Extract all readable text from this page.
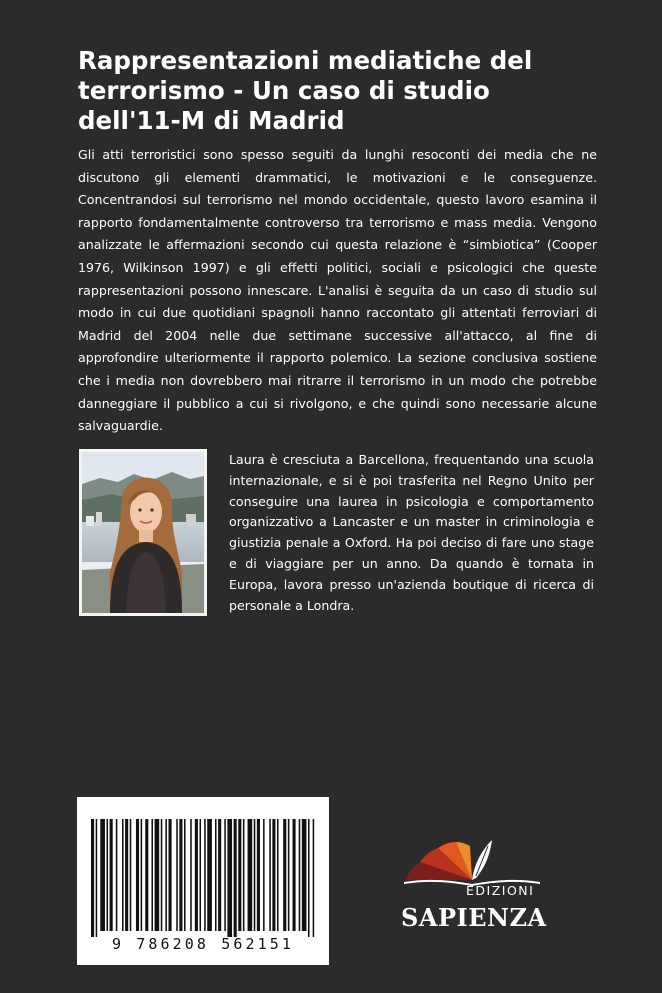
Rappresentazioni mediatiche del
terrorismo - Un caso di studio
dell'11-M di Madrid

Gli atti terroristici sono spesso seguiti da lunghi resoconti dei media che ne discutono gli elementi drammatici, le motivazioni e le conseguenze. Concentrandosi sul terrorismo nel mondo occidentale, questo lavoro esamina il rapporto fondamentalmente controverso tra terrorismo e mass media. Vengono analizzate le affermazioni secondo cui questa relazione è “simbiotica” (Cooper 1976, Wilkinson 1997) e gli effetti politici, sociali e psicologici che queste rappresentazioni possono innescare. L'analisi è seguita da un caso di studio sul modo in cui due quotidiani spagnoli hanno raccontato gli attentati ferroviari di Madrid del 2004 nelle due settimane successive all'attacco, al fine di approfondire ulteriormente il rapporto polemico. La sezione conclusiva sostiene che i media non dovrebbero mai ritrarre il terrorismo in un modo che potrebbe danneggiare il pubblico a cui si rivolgono, e che quindi sono necessarie alcune salvaguardie.

Laura è cresciuta a Barcellona, frequentando una scuola internazionale, e si è poi trasferita nel Regno Unito per conseguire una laurea in psicologia e comportamento organizzativo a Lancaster e un master in criminologia e giustizia penale a Oxford. Ha poi deciso di fare uno stage e di viaggiare per un anno. Da quando è tornata in Europa, lavora presso un'azienda boutique di ricerca di personale a Londra.

9 786208 562151
EDIZIONI
SAPIENZA
